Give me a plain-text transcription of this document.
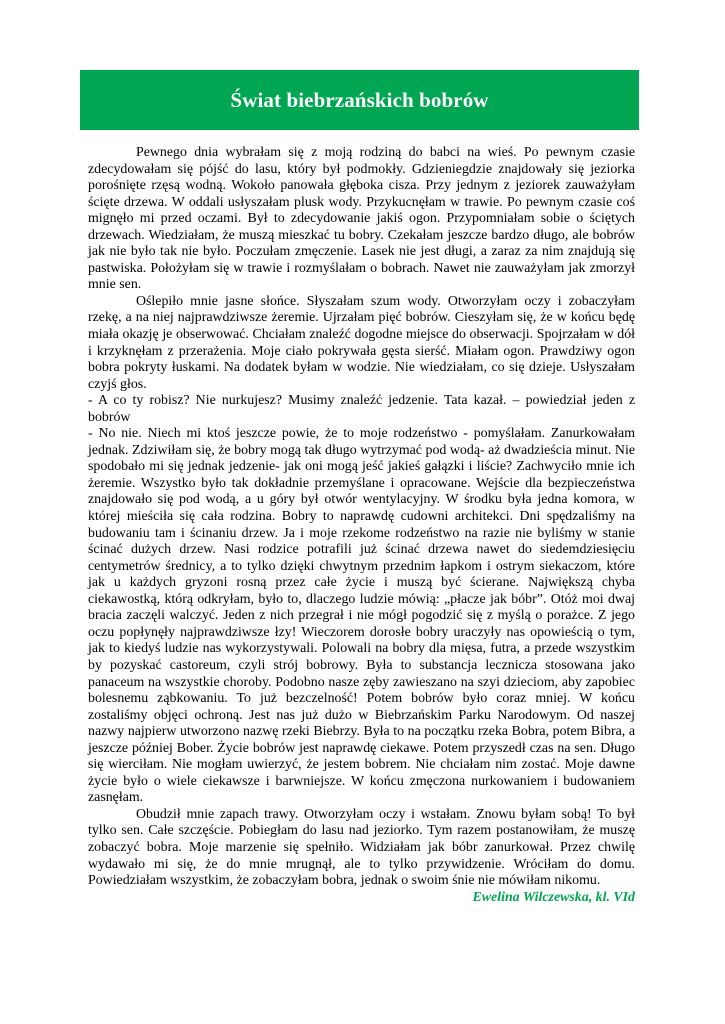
Świat biebrzańskich bobrów

Pewnego dnia wybrałam się z moją rodziną do babci na wieś. Po pewnym czasie zdecydowałam się pójść do lasu, który był podmokły. Gdzieniegdzie znajdowały się jeziorka porośnięte rzęsą wodną. Wokoło panowała głęboka cisza. Przy jednym z jeziorek zauważyłam ścięte drzewa. W oddali usłyszałam plusk wody. Przykucnęłam w trawie. Po pewnym czasie coś mignęło mi przed oczami. Był to zdecydowanie jakiś ogon. Przypomniałam sobie o ściętych drzewach. Wiedziałam, że muszą mieszkać tu bobry. Czekałam jeszcze bardzo długo, ale bobrów jak nie było tak nie było. Poczułam zmęczenie. Lasek nie jest długi, a zaraz za nim znajdują się pastwiska. Położyłam się w trawie i rozmyślałam o bobrach. Nawet nie zauważyłam jak zmorzył mnie sen.

Oślepiło mnie jasne słońce. Słyszałam szum wody. Otworzyłam oczy i zobaczyłam rzekę, a na niej najprawdziwsze żeremie. Ujrzałam pięć bobrów. Cieszyłam się, że w końcu będę miała okazję je obserwować. Chciałam znaleźć dogodne miejsce do obserwacji. Spojrzałam w dół i krzyknęłam z przerażenia. Moje ciało pokrywała gęsta sierść. Miałam ogon. Prawdziwy ogon bobra pokryty łuskami. Na dodatek byłam w wodzie. Nie wiedziałam, co się dzieje. Usłyszałam czyjś głos.

- A co ty robisz? Nie nurkujesz? Musimy znaleźć jedzenie. Tata kazał. – powiedział jeden z bobrów

- No nie. Niech mi ktoś jeszcze powie, że to moje rodzeństwo - pomyślałam. Zanurkowałam jednak. Zdziwiłam się, że bobry mogą tak długo wytrzymać pod wodą- aż dwadzieścia minut. Nie spodobało mi się jednak jedzenie- jak oni mogą jeść jakieś gałązki i liście? Zachwyciło mnie ich żeremie. Wszystko było tak dokładnie przemyślane i opracowane. Wejście dla bezpieczeństwa znajdowało się pod wodą, a u góry był otwór wentylacyjny. W środku była jedna komora, w której mieściła się cała rodzina. Bobry to naprawdę cudowni architekci. Dni spędzaliśmy na budowaniu tam i ścinaniu drzew. Ja i moje rzekome rodzeństwo na razie nie byliśmy w stanie ścinać dużych drzew. Nasi rodzice potrafili już ścinać drzewa nawet do siedemdziesięciu centymetrów średnicy, a to tylko dzięki chwytnym przednim łapkom i ostrym siekaczom, które jak u każdych gryzoni rosną przez całe życie i muszą być ścierane. Największą chyba ciekawostką, którą odkryłam, było to, dlaczego ludzie mówią: „płacze jak bóbr”. Otóż moi dwaj bracia zaczęli walczyć. Jeden z nich przegrał i nie mógł pogodzić się z myślą o porażce. Z jego oczu popłynęły najprawdziwsze łzy! Wieczorem dorosłe bobry uraczyły nas opowieścią o tym, jak to kiedyś ludzie nas wykorzystywali. Polowali na bobry dla mięsa, futra, a przede wszystkim by pozyskać castoreum, czyli strój bobrowy. Była to substancja lecznicza stosowana jako panaceum na wszystkie choroby. Podobno nasze zęby zawieszano na szyi dzieciom, aby zapobiec bolesnemu ząbkowaniu. To już bezczelność! Potem bobrów było coraz mniej. W końcu zostaliśmy objęci ochroną. Jest nas już dużo w Biebrzańskim Parku Narodowym. Od naszej nazwy najpierw utworzono nazwę rzeki Biebrzy. Była to na początku rzeka Bobra, potem Bibra, a jeszcze później Bober. Życie bobrów jest naprawdę ciekawe. Potem przyszedł czas na sen. Długo się wierciłam. Nie mogłam uwierzyć, że jestem bobrem. Nie chciałam nim zostać. Moje dawne życie było o wiele ciekawsze i barwniejsze. W końcu zmęczona nurkowaniem i budowaniem zasnęłam.

Obudził mnie zapach trawy. Otworzyłam oczy i wstałam. Znowu byłam sobą! To był tylko sen. Całe szczęście. Pobiegłam do lasu nad jeziorko. Tym razem postanowiłam, że muszę zobaczyć bobra. Moje marzenie się spełniło. Widziałam jak bóbr zanurkował. Przez chwilę wydawało mi się, że do mnie mrugnął, ale to tylko przywidzenie. Wróciłam do domu. Powiedziałam wszystkim, że zobaczyłam bobra, jednak o swoim śnie nie mówiłam nikomu.

Ewelina Wilczewska, kl. VId
